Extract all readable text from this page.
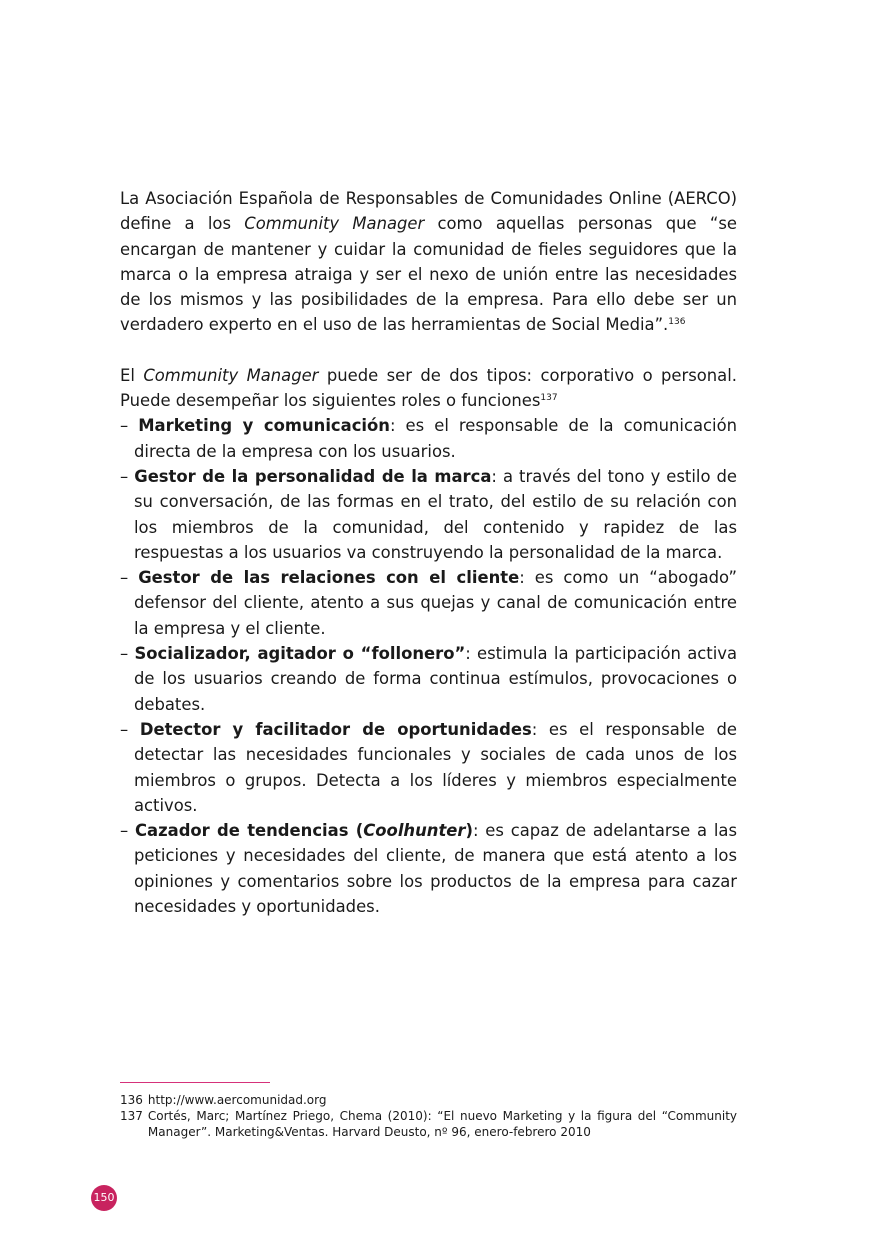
La Asociación Española de Responsables de Comunidades Online (AERCO) define a los Community Manager como aquellas personas que “se encargan de mantener y cuidar la comunidad de fieles seguidores que la marca o la empresa atraiga y ser el nexo de unión entre las necesidades de los mismos y las posibilidades de la empresa. Para ello debe ser un verdadero experto en el uso de las herramientas de Social Media”.$^{136}$

El Community Manager puede ser de dos tipos: corporativo o personal. Puede desempeñar los siguientes roles o funciones$^{137}$

– Marketing y comunicación: es el responsable de la comunicación directa de la empresa con los usuarios.
– Gestor de la personalidad de la marca: a través del tono y estilo de su conversación, de las formas en el trato, del estilo de su relación con los miembros de la comunidad, del contenido y rapidez de las respuestas a los usuarios va construyendo la personalidad de la marca.
– Gestor de las relaciones con el cliente: es como un “abogado” defensor del cliente, atento a sus quejas y canal de comunicación entre la empresa y el cliente.
– Socializador, agitador o “follonero”: estimula la participación activa de los usuarios creando de forma continua estímulos, provocaciones o debates.
– Detector y facilitador de oportunidades: es el responsable de detectar las necesidades funcionales y sociales de cada unos de los miembros o grupos. Detecta a los líderes y miembros especialmente activos.
– Cazador de tendencias (Coolhunter): es capaz de adelantarse a las peticiones y necesidades del cliente, de manera que está atento a los opiniones y comentarios sobre los productos de la empresa para cazar necesidades y oportunidades.
136 http://www.aercomunidad.org
137 Cortés, Marc; Martínez Priego, Chema (2010): “El nuevo Marketing y la figura del “Community Manager”. Marketing&Ventas. Harvard Deusto, nº 96, enero-febrero 2010
150
